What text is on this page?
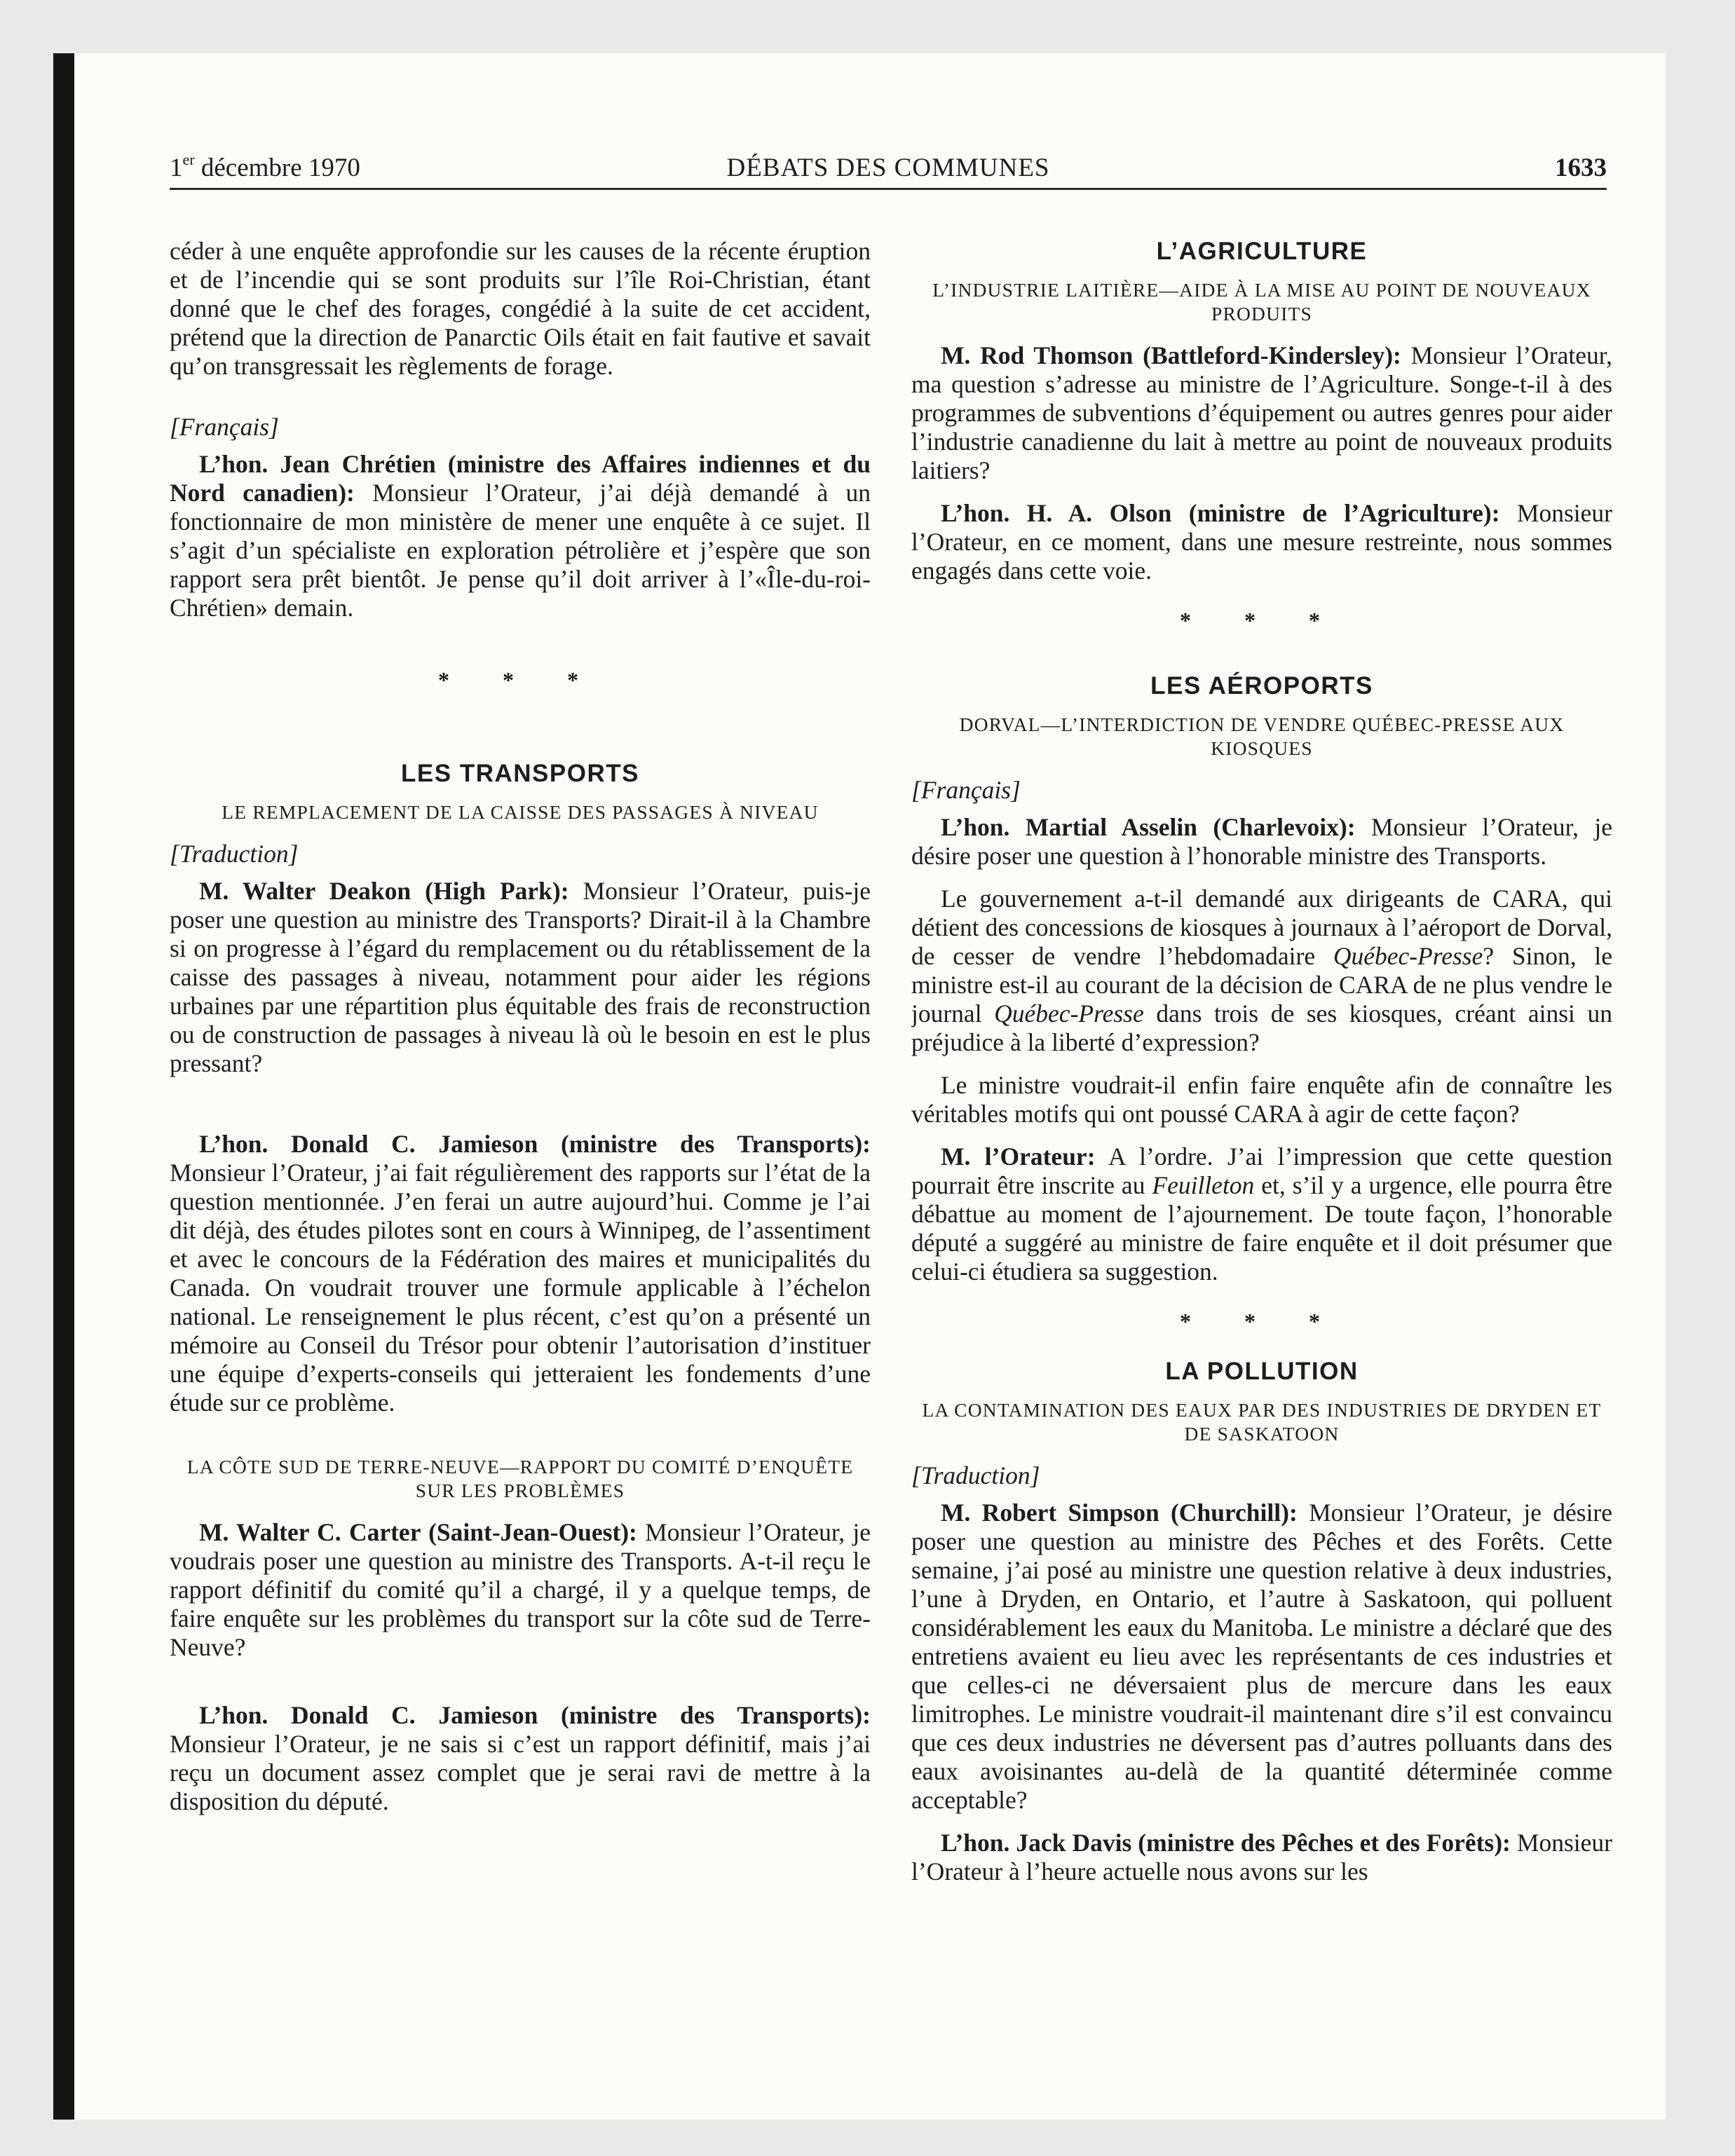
1er décembre 1970	DÉBATS DES COMMUNES	1633

céder à une enquête approfondie sur les causes de la récente éruption et de l’incendie qui se sont produits sur l’île Roi-Christian, étant donné que le chef des forages, congédié à la suite de cet accident, prétend que la direction de Panarctic Oils était en fait fautive et savait qu’on transgressait les règlements de forage.

[Français]

L’hon. Jean Chrétien (ministre des Affaires indiennes et du Nord canadien): Monsieur l’Orateur, j’ai déjà demandé à un fonctionnaire de mon ministère de mener une enquête à ce sujet. Il s’agit d’un spécialiste en exploration pétrolière et j’espère que son rapport sera prêt bientôt. Je pense qu’il doit arriver à l’«Île-du-roi-Chrétien» demain.

* * *

LES TRANSPORTS

LE REMPLACEMENT DE LA CAISSE DES PASSAGES À NIVEAU

[Traduction]

M. Walter Deakon (High Park): Monsieur l’Orateur, puis-je poser une question au ministre des Transports? Dirait-il à la Chambre si on progresse à l’égard du remplacement ou du rétablissement de la caisse des passages à niveau, notamment pour aider les régions urbaines par une répartition plus équitable des frais de reconstruction ou de construction de passages à niveau là où le besoin en est le plus pressant?

L’hon. Donald C. Jamieson (ministre des Transports): Monsieur l’Orateur, j’ai fait régulièrement des rapports sur l’état de la question mentionnée. J’en ferai un autre aujourd’hui. Comme je l’ai dit déjà, des études pilotes sont en cours à Winnipeg, de l’assentiment et avec le concours de la Fédération des maires et municipalités du Canada. On voudrait trouver une formule applicable à l’échelon national. Le renseignement le plus récent, c’est qu’on a présenté un mémoire au Conseil du Trésor pour obtenir l’autorisation d’instituer une équipe d’experts-conseils qui jetteraient les fondements d’une étude sur ce problème.

LA CÔTE SUD DE TERRE-NEUVE—RAPPORT DU COMITÉ D’ENQUÊTE SUR LES PROBLÈMES

M. Walter C. Carter (Saint-Jean-Ouest): Monsieur l’Orateur, je voudrais poser une question au ministre des Transports. A-t-il reçu le rapport définitif du comité qu’il a chargé, il y a quelque temps, de faire enquête sur les problèmes du transport sur la côte sud de Terre-Neuve?

L’hon. Donald C. Jamieson (ministre des Transports): Monsieur l’Orateur, je ne sais si c’est un rapport définitif, mais j’ai reçu un document assez complet que je serai ravi de mettre à la disposition du député.

L’AGRICULTURE

L’INDUSTRIE LAITIÈRE—AIDE À LA MISE AU POINT DE NOUVEAUX PRODUITS

M. Rod Thomson (Battleford-Kindersley): Monsieur l’Orateur, ma question s’adresse au ministre de l’Agriculture. Songe-t-il à des programmes de subventions d’équipement ou autres genres pour aider l’industrie canadienne du lait à mettre au point de nouveaux produits laitiers?

L’hon. H. A. Olson (ministre de l’Agriculture): Monsieur l’Orateur, en ce moment, dans une mesure restreinte, nous sommes engagés dans cette voie.

* * *

LES AÉROPORTS

DORVAL—L’INTERDICTION DE VENDRE QUÉBEC-PRESSE AUX KIOSQUES

[Français]

L’hon. Martial Asselin (Charlevoix): Monsieur l’Orateur, je désire poser une question à l’honorable ministre des Transports.

Le gouvernement a-t-il demandé aux dirigeants de CARA, qui détient des concessions de kiosques à journaux à l’aéroport de Dorval, de cesser de vendre l’hebdomadaire Québec-Presse? Sinon, le ministre est-il au courant de la décision de CARA de ne plus vendre le journal Québec-Presse dans trois de ses kiosques, créant ainsi un préjudice à la liberté d’expression?

Le ministre voudrait-il enfin faire enquête afin de connaître les véritables motifs qui ont poussé CARA à agir de cette façon?

M. l’Orateur: A l’ordre. J’ai l’impression que cette question pourrait être inscrite au Feuilleton et, s’il y a urgence, elle pourra être débattue au moment de l’ajournement. De toute façon, l’honorable député a suggéré au ministre de faire enquête et il doit présumer que celui-ci étudiera sa suggestion.

* * *

LA POLLUTION

LA CONTAMINATION DES EAUX PAR DES INDUSTRIES DE DRYDEN ET DE SASKATOON

[Traduction]

M. Robert Simpson (Churchill): Monsieur l’Orateur, je désire poser une question au ministre des Pêches et des Forêts. Cette semaine, j’ai posé au ministre une question relative à deux industries, l’une à Dryden, en Ontario, et l’autre à Saskatoon, qui polluent considérablement les eaux du Manitoba. Le ministre a déclaré que des entretiens avaient eu lieu avec les représentants de ces industries et que celles-ci ne déversaient plus de mercure dans les eaux limitrophes. Le ministre voudrait-il maintenant dire s’il est convaincu que ces deux industries ne déversent pas d’autres polluants dans des eaux avoisinantes au-delà de la quantité déterminée comme acceptable?

L’hon. Jack Davis (ministre des Pêches et des Forêts): Monsieur l’Orateur à l’heure actuelle nous avons sur les
